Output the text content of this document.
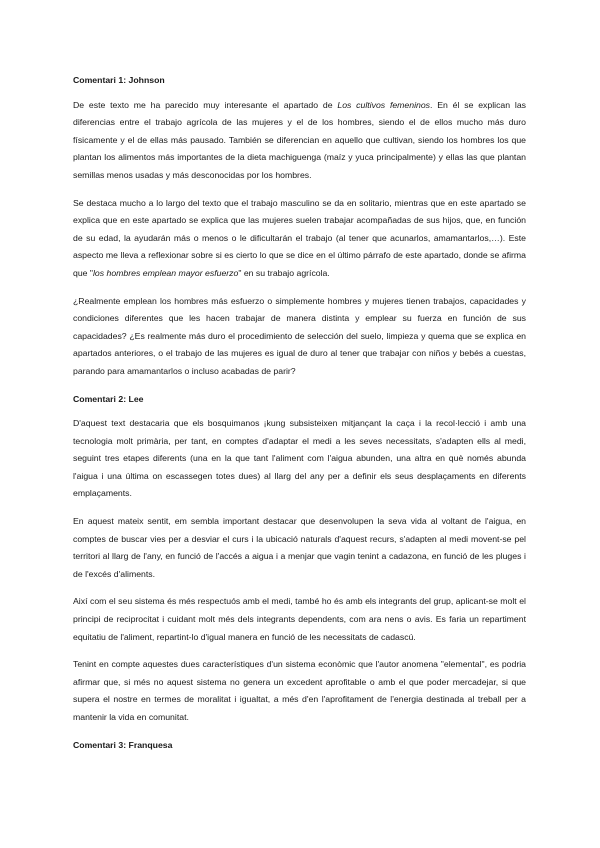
Comentari 1: Johnson

De este texto me ha parecido muy interesante el apartado de Los cultivos femeninos. En él se explican las diferencias entre el trabajo agrícola de las mujeres y el de los hombres, siendo el de ellos mucho más duro físicamente y el de ellas más pausado. También se diferencian en aquello que cultivan, siendo los hombres los que plantan los alimentos más importantes de la dieta machiguenga (maíz y yuca principalmente) y ellas las que plantan semillas menos usadas y más desconocidas por los hombres.

Se destaca mucho a lo largo del texto que el trabajo masculino se da en solitario, mientras que en este apartado se explica que en este apartado se explica que las mujeres suelen trabajar acompañadas de sus hijos, que, en función de su edad, la ayudarán más o menos o le dificultarán el trabajo (al tener que acunarlos, amamantarlos,…). Este aspecto me lleva a reflexionar sobre si es cierto lo que se dice en el último párrafo de este apartado, donde se afirma que "los hombres emplean mayor esfuerzo" en su trabajo agrícola.

¿Realmente emplean los hombres más esfuerzo o simplemente hombres y mujeres tienen trabajos, capacidades y condiciones diferentes que les hacen trabajar de manera distinta y emplear su fuerza en función de sus capacidades? ¿Es realmente más duro el procedimiento de selección del suelo, limpieza y quema que se explica en apartados anteriores, o el trabajo de las mujeres es igual de duro al tener que trabajar con niños y bebés a cuestas, parando para amamantarlos o incluso acabadas de parir?

Comentari 2: Lee

D'aquest text destacaria que els bosquimanos ¡kung subsisteixen mitjançant la caça i la recol·lecció i amb una tecnologia molt primària, per tant, en comptes d'adaptar el medi a les seves necessitats, s'adapten ells al medi, seguint tres etapes diferents (una en la que tant l'aliment com l'aigua abunden, una altra en què només abunda l'aigua i una última on escassegen totes dues) al llarg del any per a definir els seus desplaçaments en diferents emplaçaments.

En aquest mateix sentit, em sembla important destacar que desenvolupen la seva vida al voltant de l'aigua, en comptes de buscar vies per a desviar el curs i la ubicació naturals d'aquest recurs, s'adapten al medi movent-se pel territori al llarg de l'any, en funció de l'accés a aigua i a menjar que vagin tenint a cadazona, en funció de les pluges i de l'excés d'aliments.

Així com el seu sistema és més respectuós amb el medi, també ho és amb els integrants del grup, aplicant-se molt el principi de reciprocitat i cuidant molt més dels integrants dependents, com ara nens o avis. Es faria un repartiment equitatiu de l'aliment, repartint-lo d'igual manera en funció de les necessitats de cadascú.

Tenint en compte aquestes dues característiques d'un sistema econòmic que l'autor anomena "elemental", es podria afirmar que, si més no aquest sistema no genera un excedent aprofitable o amb el que poder mercadejar, si que supera el nostre en termes de moralitat i igualtat, a més d'en l'aprofitament de l'energia destinada al treball per a mantenir la vida en comunitat.

Comentari 3: Franquesa
